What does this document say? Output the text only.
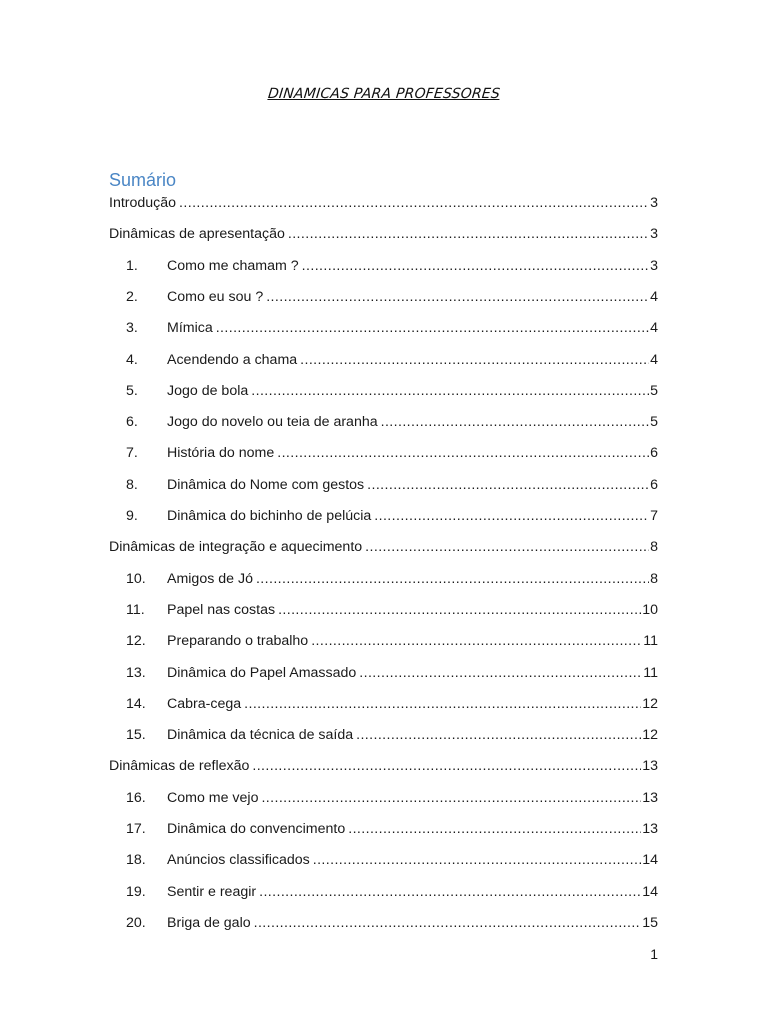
DINAMICAS PARA PROFESSORES
Sumário
Introdução .....	3
Dinâmicas de apresentação .....	3
1.	Como me chamam ? .....	3
2.	Como eu sou ? .....	4
3.	Mímica .....	4
4.	Acendendo a chama .....	4
5.	Jogo de bola .....	5
6.	Jogo do novelo ou teia de aranha .....	5
7.	História do nome .....	6
8.	Dinâmica do Nome com gestos .....	6
9.	Dinâmica do bichinho de pelúcia .....	7
Dinâmicas de integração e aquecimento .....	8
10.	Amigos de Jó .....	8
11.	Papel nas costas .....	10
12.	Preparando o trabalho .....	11
13.	Dinâmica do Papel Amassado .....	11
14.	Cabra-cega .....	12
15.	Dinâmica da técnica de saída .....	12
Dinâmicas de reflexão .....	13
16.	Como me vejo .....	13
17.	Dinâmica do convencimento .....	13
18.	Anúncios classificados .....	14
19.	Sentir e reagir .....	14
20.	Briga de galo .....	15
1
